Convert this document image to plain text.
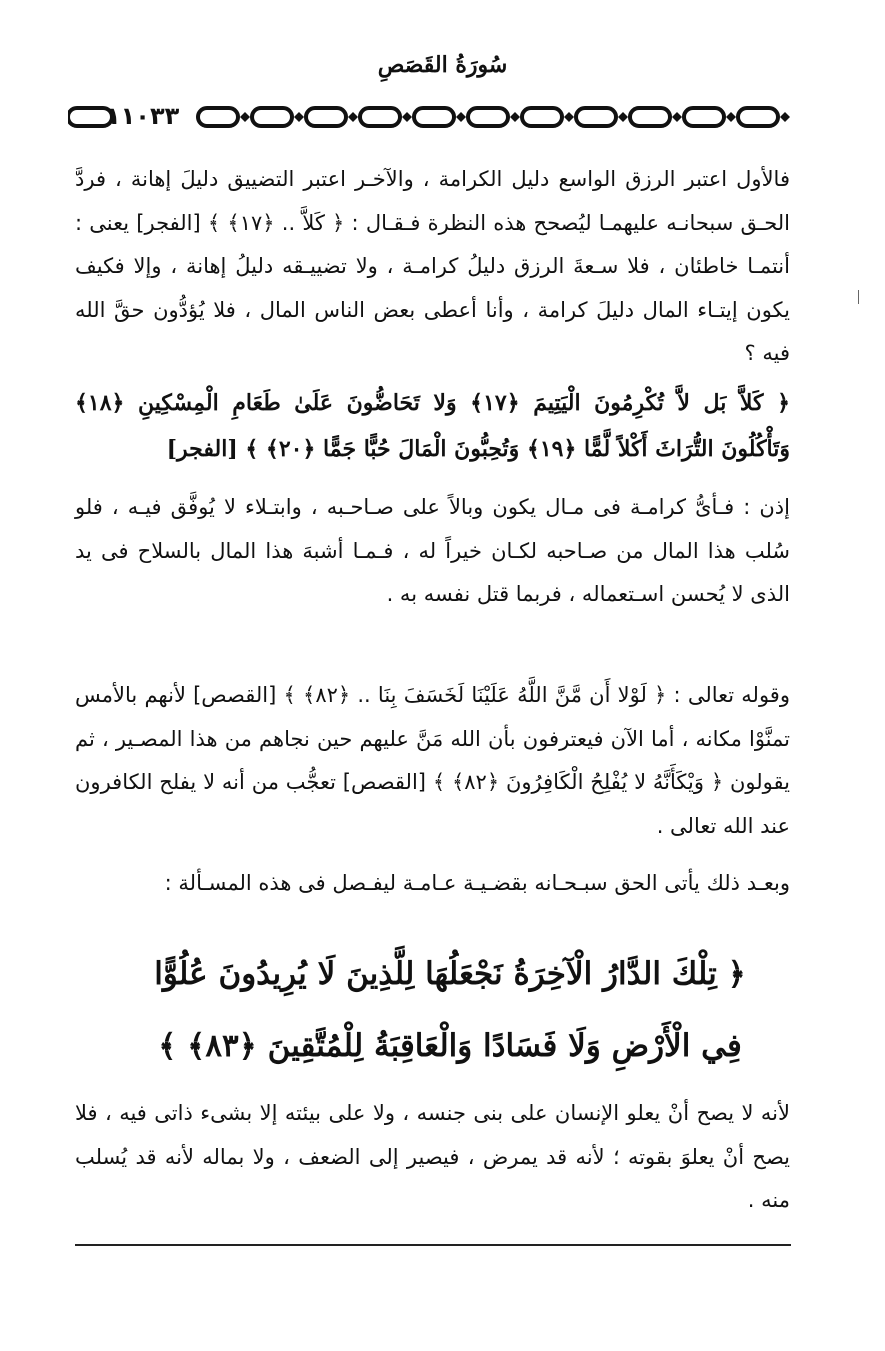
سُورَةُ القَصَصِ
١١٠٣٣

فالأول اعتبر الرزق الواسع دليل الكرامة ، والآخـر اعتبر التضييق دليلَ إهانة ، فردَّ الحـق سبحانـه عليهمـا ليُصحح هذه النظرة فـقـال : ﴿ كَلاَّ .. ﴿١٧﴾ ﴾ [الفجر] يعنى : أنتمـا خاطئان ، فلا سـعةَ الرزق دليلُ كرامـة ، ولا تضييـقه دليلُ إهانة ، وإلا فكيف يكون إيتـاء المال دليلَ كرامة ، وأنا أعطى بعض الناس المال ، فلا يُؤدُّون حقَّ الله فيه ؟

﴿ كَلاَّ بَل لاَّ تُكْرِمُونَ الْيَتِيمَ ﴿١٧﴾ وَلا تَحَاضُّونَ عَلَىٰ طَعَامِ الْمِسْكِينِ ﴿١٨﴾ وَتَأْكُلُونَ التُّرَاثَ أَكْلاً لَّمًّا ﴿١٩﴾ وَتُحِبُّونَ الْمَالَ حُبًّا جَمًّا ﴿٢٠﴾ ﴾ [الفجر]

إذن : فـأىُّ كرامـة فى مـال يكون وبالاً على صـاحـبه ، وابتـلاء لا يُوفَّق فيـه ، فلو سُلب هذا المال من صـاحبه لكـان خيراً له ، فـمـا أشبهَ هذا المال بالسلاح فى يد الذى لا يُحسن اسـتعماله ، فربما قتل نفسه به .

وقوله تعالى : ﴿ لَوْلا أَن مَّنَّ اللَّهُ عَلَيْنَا لَخَسَفَ بِنَا .. ﴿٨٢﴾ ﴾ [القصص] لأنهم بالأمس تمنَّوْا مكانه ، أما الآن فيعترفون بأن الله مَنَّ عليهم حين نجاهم من هذا المصـير ، ثم يقولون ﴿ وَيْكَأَنَّهُ لا يُفْلِحُ الْكَافِرُونَ ﴿٨٢﴾ ﴾ [القصص] تعجُّب من أنه لا يفلح الكافرون عند الله تعالى .

وبعـد ذلك يأتى الحق سبـحـانه بقضـيـة عـامـة ليفـصل فى هذه المسـألة :

﴿ تِلْكَ الدَّارُ الْآخِرَةُ نَجْعَلُهَا لِلَّذِينَ لَا يُرِيدُونَ عُلُوًّا فِي الْأَرْضِ وَلَا فَسَادًا وَالْعَاقِبَةُ لِلْمُتَّقِينَ ﴿٨٣﴾ ﴾

لأنه لا يصح أنْ يعلو الإنسان على بنى جنسه ، ولا على بيئته إلا بشىء ذاتى فيه ، فلا يصح أنْ يعلوَ بقوته ؛ لأنه قد يمرض ، فيصير إلى الضعف ، ولا بماله لأنه قد يُسلب منه .
